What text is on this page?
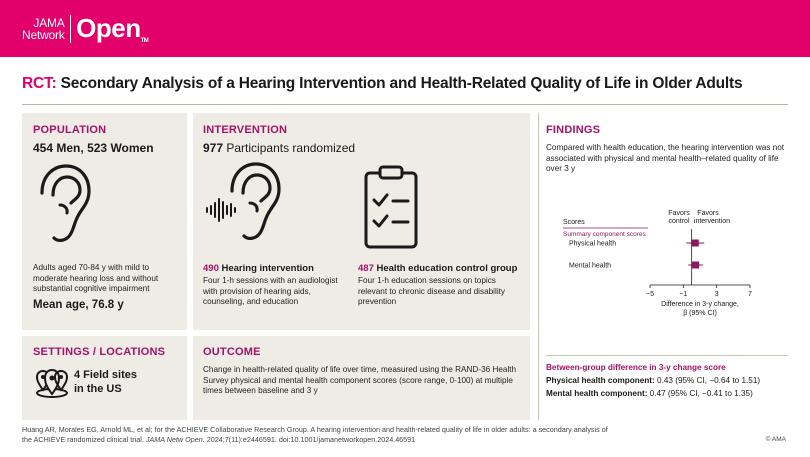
JAMA
Network OpenTM
RCT: Secondary Analysis of a Hearing Intervention and Health-Related Quality of Life in Older Adults
POPULATION
454 Men, 523 Women
Adults aged 70-84 y with mild to moderate hearing loss and without substantial cognitive impairment
Mean age, 76.8 y
INTERVENTION
977 Participants randomized
490 Hearing intervention
Four 1-h sessions with an audiologist with provision of hearing aids, counseling, and education
487 Health education control group
Four 1-h education sessions on topics relevant to chronic disease and disability prevention
SETTINGS / LOCATIONS
4 Field sites
in the US
OUTCOME
Change in health-related quality of life over time, measured using the RAND-36 Health Survey physical and mental health component scores (score range, 0-100) at multiple times between baseline and 3 y
FINDINGS
Compared with health education, the hearing intervention was not associated with physical and mental health–related quality of life over 3 y
Favors
control
Favors
intervention
Scores
Summary component scores
Physical health
Mental health
−5	−1	3	7
Difference in 3-y change,
β (95% CI)
Between-group difference in 3-y change score
Physical health component: 0.43 (95% CI, −0.64 to 1.51)
Mental health component: 0.47 (95% CI, −0.41 to 1.35)
Huang AR, Morales EG, Arnold ML, et al; for the ACHIEVE Collaborative Research Group. A hearing intervention and health-related quality of life in older adults: a secondary analysis of
the ACHIEVE randomized clinical trial. JAMA Netw Open. 2024;7(11):e2446591. doi:10.1001/jamanetworkopen.2024.46591	© AMA
